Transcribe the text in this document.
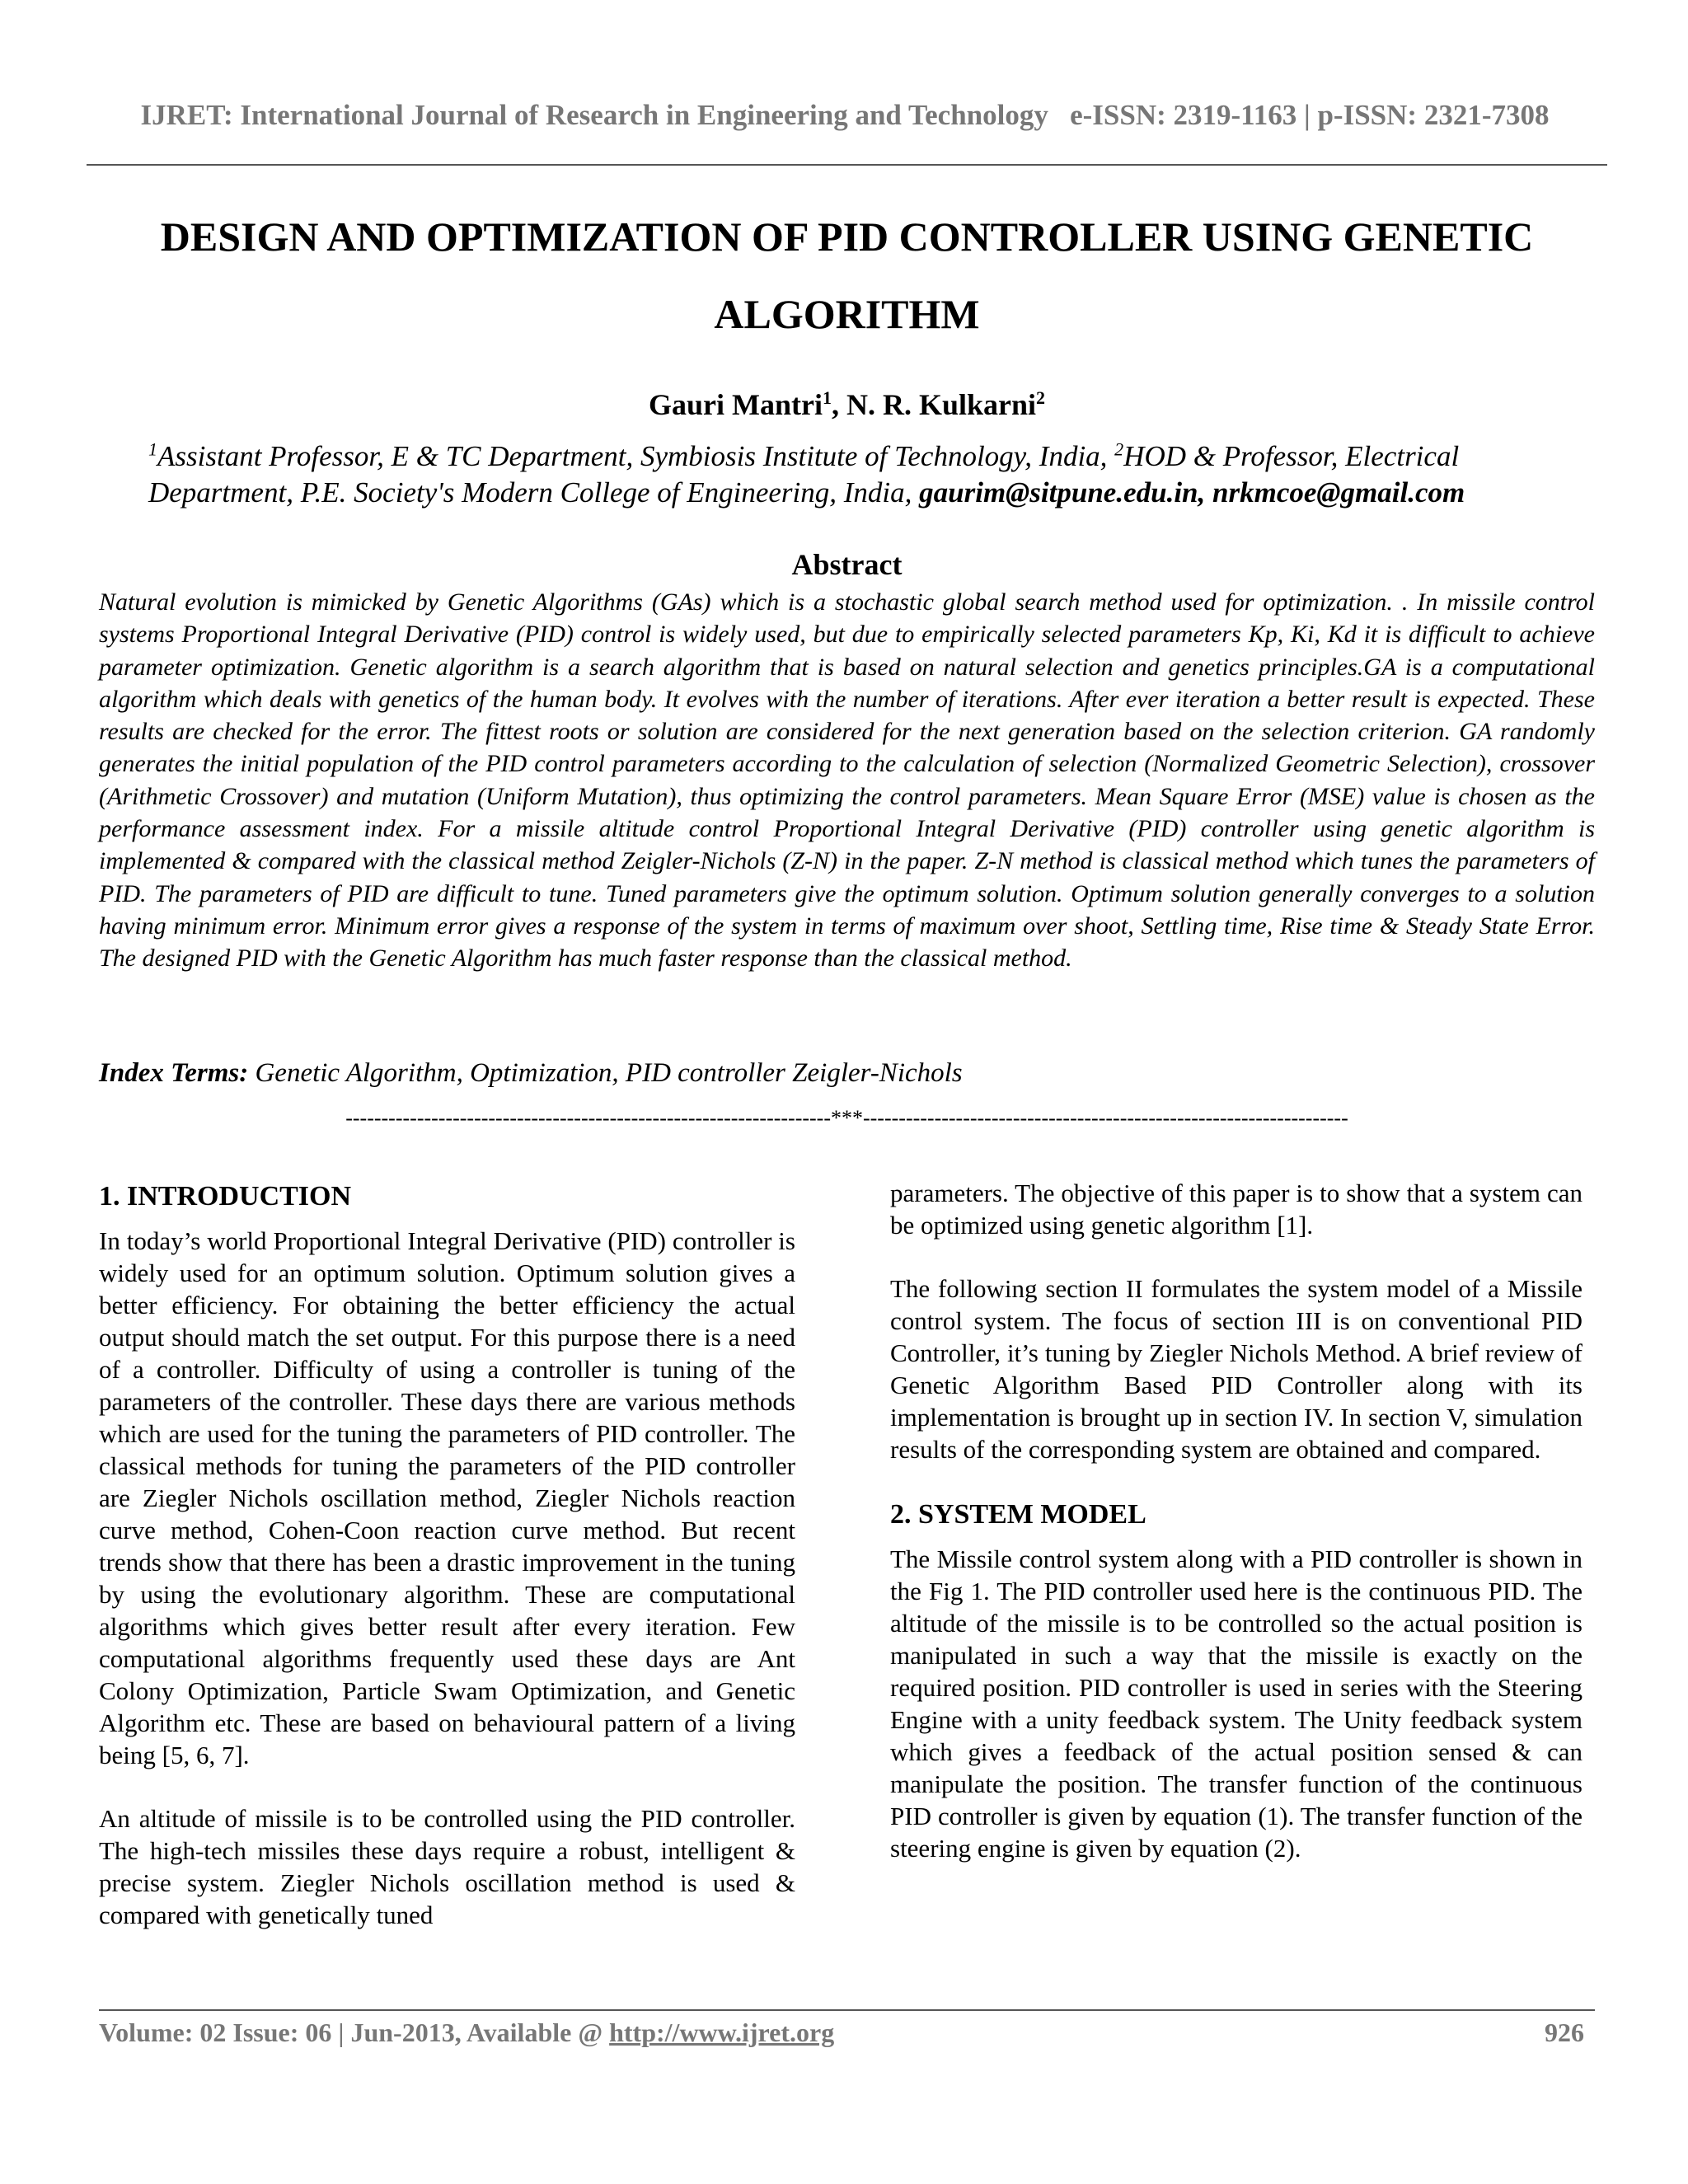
IJRET: International Journal of Research in Engineering and Technology e-ISSN: 2319-1163 | p-ISSN: 2321-7308
DESIGN AND OPTIMIZATION OF PID CONTROLLER USING GENETIC
ALGORITHM
Gauri Mantri$^1$, N. R. Kulkarni$^2$
$^1$Assistant Professor, E & TC Department, Symbiosis Institute of Technology, India, $^2$HOD & Professor, Electrical Department, P.E. Society's Modern College of Engineering, India, gaurim@sitpune.edu.in, nrkmcoe@gmail.com
Abstract
Natural evolution is mimicked by Genetic Algorithms (GAs) which is a stochastic global search method used for optimization. . In missile control systems Proportional Integral Derivative (PID) control is widely used, but due to empirically selected parameters Kp, Ki, Kd it is difficult to achieve parameter optimization. Genetic algorithm is a search algorithm that is based on natural selection and genetics principles.GA is a computational algorithm which deals with genetics of the human body. It evolves with the number of iterations. After ever iteration a better result is expected. These results are checked for the error. The fittest roots or solution are considered for the next generation based on the selection criterion. GA randomly generates the initial population of the PID control parameters according to the calculation of selection (Normalized Geometric Selection), crossover (Arithmetic Crossover) and mutation (Uniform Mutation), thus optimizing the control parameters. Mean Square Error (MSE) value is chosen as the performance assessment index. For a missile altitude control Proportional Integral Derivative (PID) controller using genetic algorithm is implemented & compared with the classical method Zeigler-Nichols (Z-N) in the paper. Z-N method is classical method which tunes the parameters of PID. The parameters of PID are difficult to tune. Tuned parameters give the optimum solution. Optimum solution generally converges to a solution having minimum error. Minimum error gives a response of the system in terms of maximum over shoot, Settling time, Rise time & Steady State Error. The designed PID with the Genetic Algorithm has much faster response than the classical method.
Index Terms: Genetic Algorithm, Optimization, PID controller Zeigler-Nichols
--------------------------------------------------------------------***--------------------------------------------------------------------
1. INTRODUCTION

In today’s world Proportional Integral Derivative (PID) controller is widely used for an optimum solution. Optimum solution gives a better efficiency. For obtaining the better efficiency the actual output should match the set output. For this purpose there is a need of a controller. Difficulty of using a controller is tuning of the parameters of the controller. These days there are various methods which are used for the tuning the parameters of PID controller. The classical methods for tuning the parameters of the PID controller are Ziegler Nichols oscillation method, Ziegler Nichols reaction curve method, Cohen-Coon reaction curve method. But recent trends show that there has been a drastic improvement in the tuning by using the evolutionary algorithm. These are computational algorithms which gives better result after every iteration. Few computational algorithms frequently used these days are Ant Colony Optimization, Particle Swam Optimization, and Genetic Algorithm etc. These are based on behavioural pattern of a living being [5, 6, 7].

An altitude of missile is to be controlled using the PID controller. The high-tech missiles these days require a robust, intelligent & precise system. Ziegler Nichols oscillation method is used & compared with genetically tuned

parameters. The objective of this paper is to show that a system can be optimized using genetic algorithm [1].

The following section II formulates the system model of a Missile control system. The focus of section III is on conventional PID Controller, it’s tuning by Ziegler Nichols Method. A brief review of Genetic Algorithm Based PID Controller along with its implementation is brought up in section IV. In section V, simulation results of the corresponding system are obtained and compared.

2. SYSTEM MODEL

The Missile control system along with a PID controller is shown in the Fig 1. The PID controller used here is the continuous PID. The altitude of the missile is to be controlled so the actual position is manipulated in such a way that the missile is exactly on the required position. PID controller is used in series with the Steering Engine with a unity feedback system. The Unity feedback system which gives a feedback of the actual position sensed & can manipulate the position. The transfer function of the continuous PID controller is given by equation (1). The transfer function of the steering engine is given by equation (2).

Volume: 02 Issue: 06 | Jun-2013, Available @ http://www.ijret.org	926
